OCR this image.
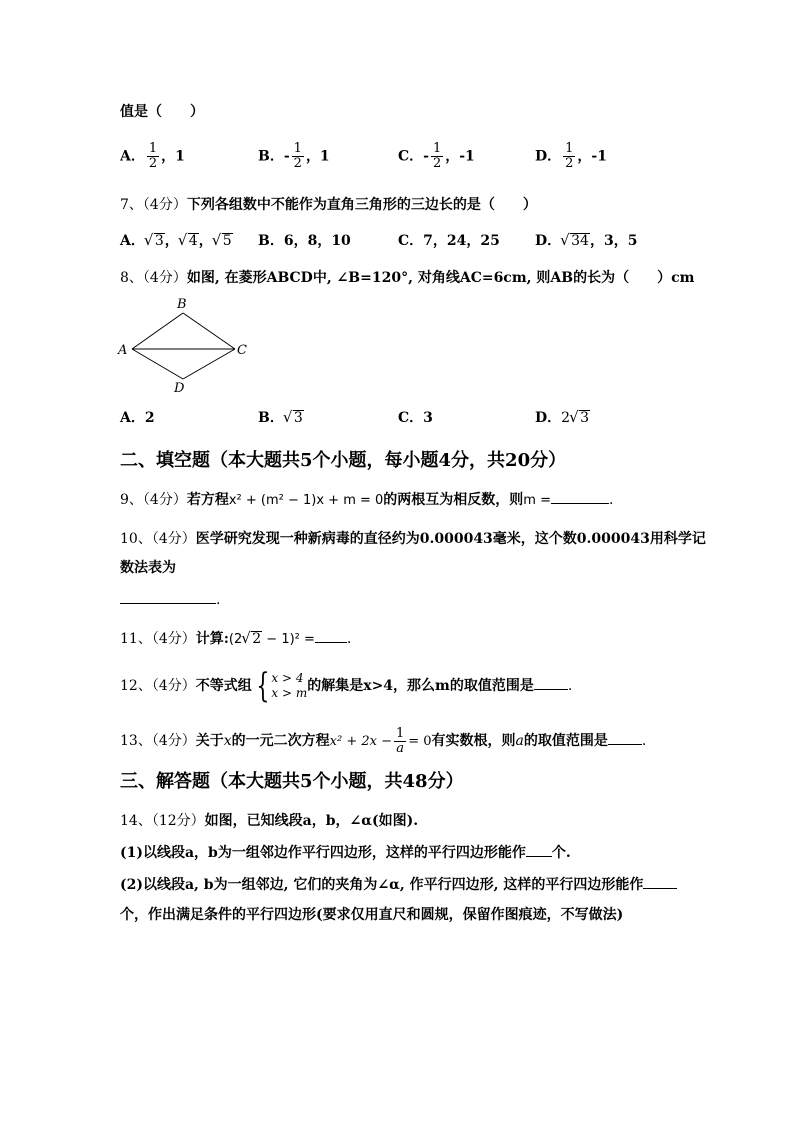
值是（　　）
A． $\frac{1}{2}$ ，1	B．- $\frac{1}{2}$ ，1	C．- $\frac{1}{2}$ ，-1	D． $\frac{1}{2}$ ，-1
7、（4分）下列各组数中不能作为直角三角形的三边长的是（　　）
A． √ 3， √ 4， √ 5 B．6，8，10	C．7，24，25	D． √ 34，3，5
8、（4分）如图, 在菱形ABCD中, ∠B=120°, 对角线AC=6cm, 则AB的长为（　　）cm
A
B
C
D
A．2	B． √ 3	C．3	D．2 √ 3
二、填空题（本大题共5个小题，每小题4分，共20分）
9、（4分）若方程x² + (m² − 1)x + m = 0的两根互为相反数，则m =	.
10、（4分）医学研究发现一种新病毒的直径约为0.000043毫米，这个数0.000043用科学记
数法表为
.
11、（4分）计算:(2 √ 2 − 1)² = .
12、（4分）不等式组 { x > 4
x > m 的解集是x>4，那么m的取值范围是 .
13、（4分）关于x的一元二次方程$x^2 + 2x - \frac{1}{a} = 0$有实数根，则a的取值范围是 .
三、解答题（本大题共5个小题，共48分）
14、（12分）如图，已知线段a，b，∠α(如图).
(1)以线段a，b为一组邻边作平行四边形，这样的平行四边形能作 个.
(2)以线段a, b为一组邻边, 它们的夹角为∠α, 作平行四边形, 这样的平行四边形能作
个，作出满足条件的平行四边形(要求仅用直尺和圆规，保留作图痕迹，不写做法)
